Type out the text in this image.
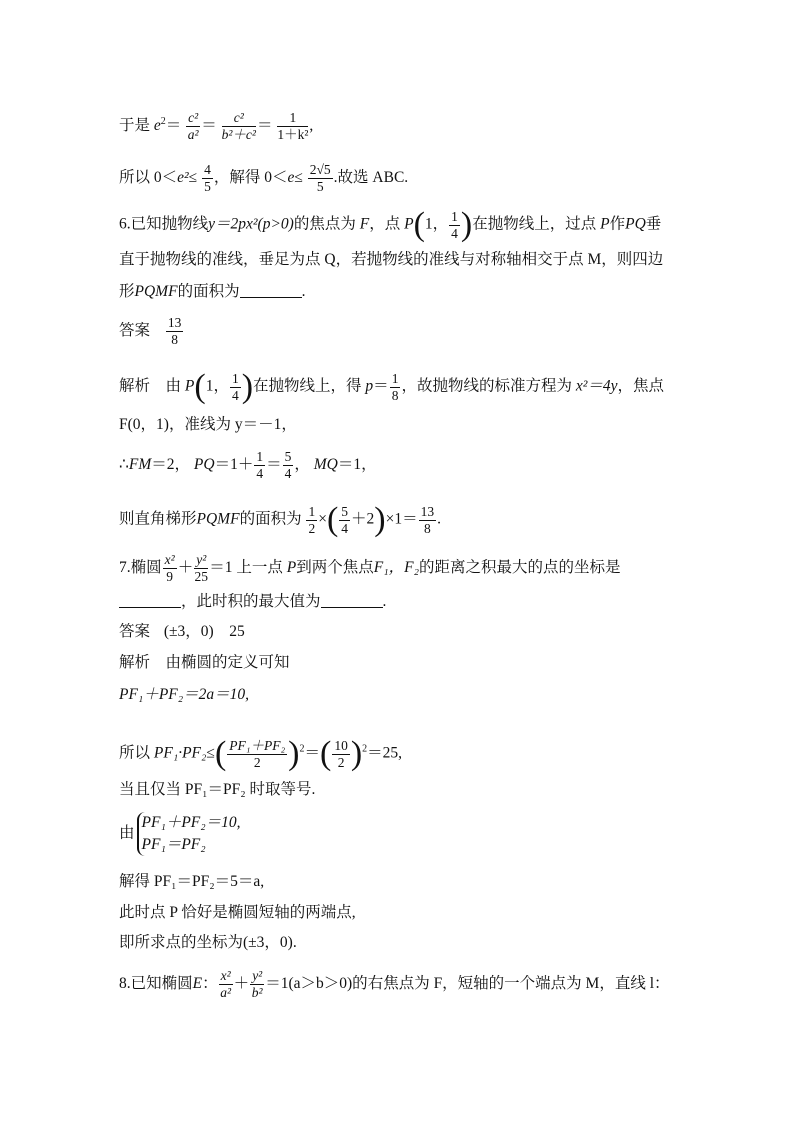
于是 $e^2= \frac{\text{c²}}{\text{a²}} = \frac{\text{c²}}{\text{b²＋c²}} = \frac{1}{\text{1＋k²}}$ ,
所以 $0<e^2\le \frac{4}{5}$ ，解得 $0<e\le \frac{2√5}{5}$ .故选 ABC.
6.已知抛物线y＝2px²(p>0)的焦点为 F，点 P(1， $\frac{1}{4}$ )在抛物线上，过点 P作PQ垂
直于抛物线的准线，垂足为点 Q，若抛物线的准线与对称轴相交于点 M，则四边
形PQMF的面积为	.
答案 $\frac{13}{8}$
解析　由 P(1， $\frac{1}{4}$ )在抛物线上，得 $p= \frac{1}{8}$ ，故抛物线的标准方程为 x²＝4y，焦点
F(0，1)，准线为 y＝－1，
∴FM＝2， $PQ=1+ \frac{1}{4} = \frac{5}{4}$ ， MQ＝1，
则直角梯形PQMF的面积为 $\frac{1}{2}$ ×( $\frac{5}{4} +2)\times 1= \frac{13}{8}$ .
7.椭圆 $\frac{\text{x²}}{9} + \frac{\text{y²}}{25} =1$ 上一点 P到两个焦点F₁，F₂的距离之积最大的点的坐标是
，此时积的最大值为	.
答案 (±3，0)　25
解析　由椭圆的定义可知
PF₁＋PF₂＝2a＝10,
所以 $PF_1\cdot PF_2\le( \frac{\text{PF₁＋PF₂}}{2} )^2=( \frac{10}{2} )^2=25$,
当且仅当 PF₁＝PF₂ 时取等号.
由
PF₁＋PF₂＝10,
PF₁＝PF₂
解得 PF₁＝PF₂＝5＝a,
此时点 P 恰好是椭圆短轴的两端点,
即所求点的坐标为(±3，0).
8.已知椭圆E： $\frac{\text{x²}}{\text{a²}} + \frac{\text{y²}}{\text{b²}} =1(a>b>0)$的右焦点为 F，短轴的一个端点为 M，直线 l：
